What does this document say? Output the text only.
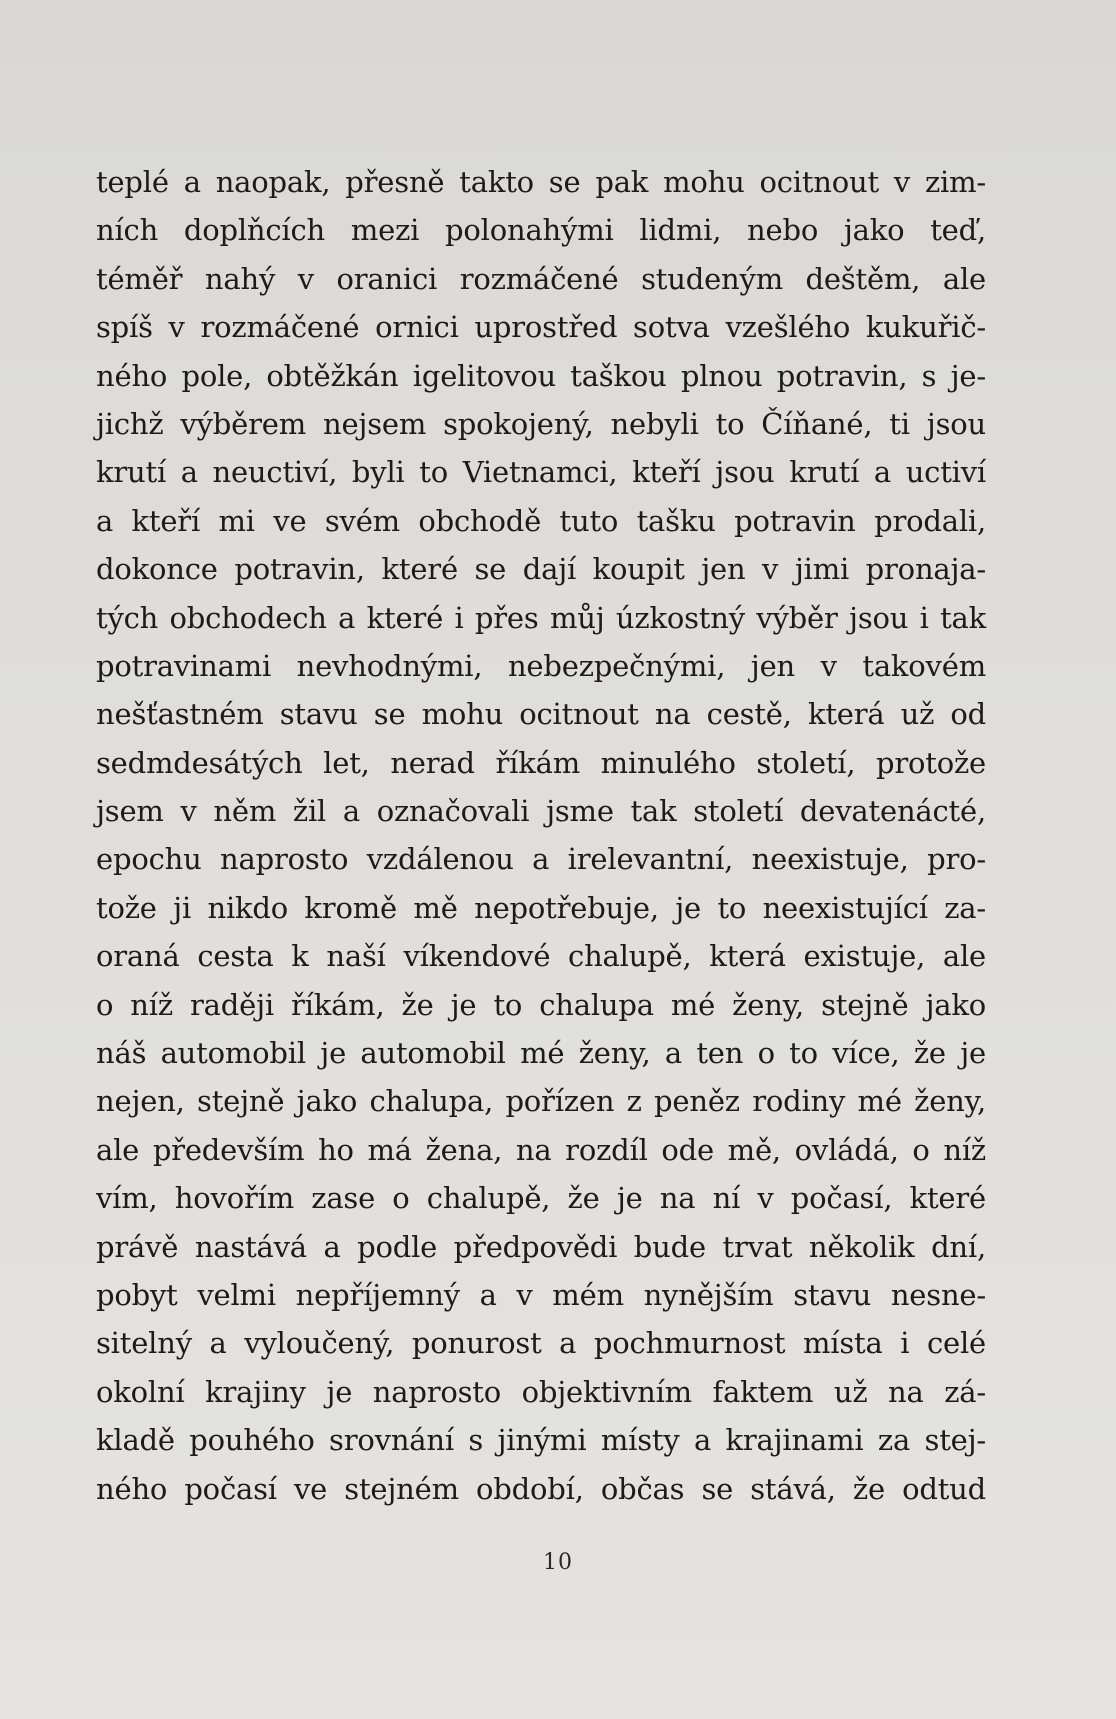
teplé a naopak, přesně takto se pak mohu ocitnout v zim-
ních doplňcích mezi polonahými lidmi, nebo jako teď,
téměř nahý v oranici rozmáčené studeným deštěm, ale
spíš v rozmáčené ornici uprostřed sotva vzešlého kukuřič-
ného pole, obtěžkán igelitovou taškou plnou potravin, s je-
jichž výběrem nejsem spokojený, nebyli to Číňané, ti jsou
krutí a neuctiví, byli to Vietnamci, kteří jsou krutí a uctiví
a kteří mi ve svém obchodě tuto tašku potravin prodali,
dokonce potravin, které se dají koupit jen v jimi pronaja-
tých obchodech a které i přes můj úzkostný výběr jsou i tak
potravinami nevhodnými, nebezpečnými, jen v takovém
nešťastném stavu se mohu ocitnout na cestě, která už od
sedmdesátých let, nerad říkám minulého století, protože
jsem v něm žil a označovali jsme tak století devatenácté,
epochu naprosto vzdálenou a irelevantní, neexistuje, pro-
tože ji nikdo kromě mě nepotřebuje, je to neexistující za-
oraná cesta k naší víkendové chalupě, která existuje, ale
o níž raději říkám, že je to chalupa mé ženy, stejně jako
náš automobil je automobil mé ženy, a ten o to více, že je
nejen, stejně jako chalupa, pořízen z peněz rodiny mé ženy,
ale především ho má žena, na rozdíl ode mě, ovládá, o níž
vím, hovořím zase o chalupě, že je na ní v počasí, které
právě nastává a podle předpovědi bude trvat několik dní,
pobyt velmi nepříjemný a v mém nynějším stavu nesne-
sitelný a vyloučený, ponurost a pochmurnost místa i celé
okolní krajiny je naprosto objektivním faktem už na zá-
kladě pouhého srovnání s jinými místy a krajinami za stej-
ného počasí ve stejném období, občas se stává, že odtud
10
